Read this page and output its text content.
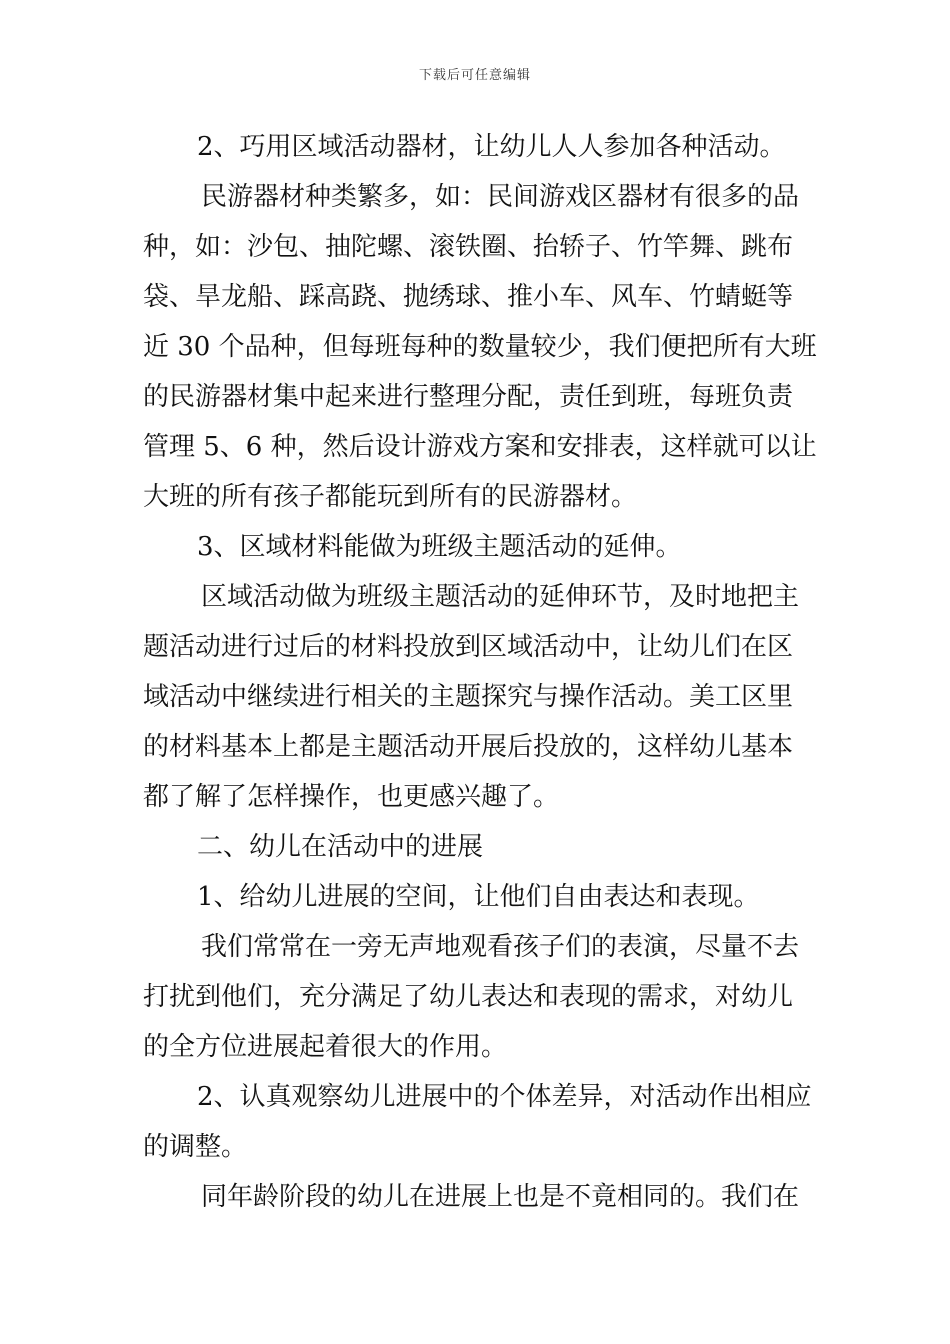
下载后可任意编辑
2、巧用区域活动器材，让幼儿人人参加各种活动。
民游器材种类繁多，如：民间游戏区器材有很多的品
种，如：沙包、抽陀螺、滚铁圈、抬轿子、竹竿舞、跳布
袋、旱龙船、踩高跷、抛绣球、推小车、风车、竹蜻蜓等
近 30 个品种，但每班每种的数量较少，我们便把所有大班
的民游器材集中起来进行整理分配，责任到班，每班负责
管理 5、6 种，然后设计游戏方案和安排表，这样就可以让
大班的所有孩子都能玩到所有的民游器材。
3、区域材料能做为班级主题活动的延伸。
区域活动做为班级主题活动的延伸环节，及时地把主
题活动进行过后的材料投放到区域活动中，让幼儿们在区
域活动中继续进行相关的主题探究与操作活动。美工区里
的材料基本上都是主题活动开展后投放的，这样幼儿基本
都了解了怎样操作，也更感兴趣了。
二、幼儿在活动中的进展
1、给幼儿进展的空间，让他们自由表达和表现。
我们常常在一旁无声地观看孩子们的表演，尽量不去
打扰到他们，充分满足了幼儿表达和表现的需求，对幼儿
的全方位进展起着很大的作用。
2、认真观察幼儿进展中的个体差异，对活动作出相应
的调整。
同年龄阶段的幼儿在进展上也是不竟相同的。我们在
